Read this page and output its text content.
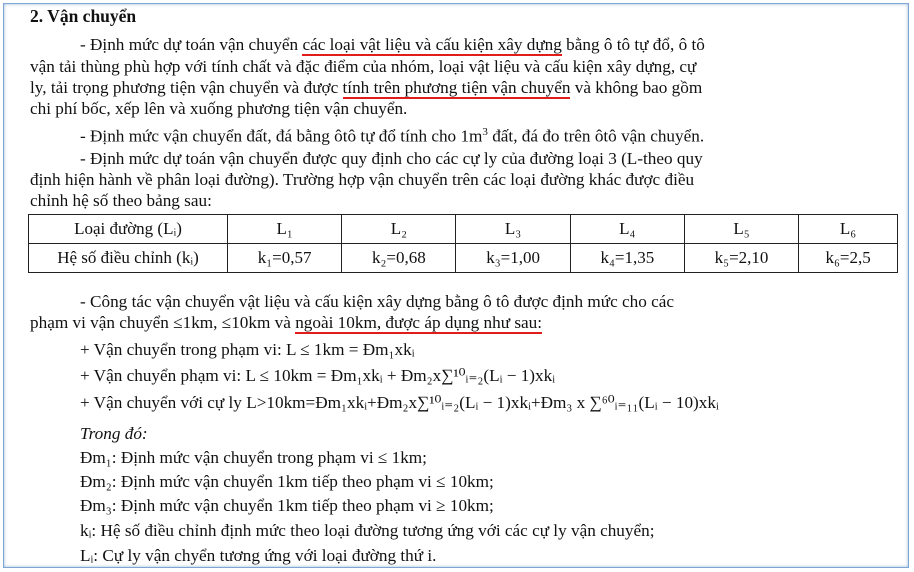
2. Vận chuyển
- Định mức dự toán vận chuyển các loại vật liệu và cấu kiện xây dựng bằng ô tô tự đổ, ô tô
vận tải thùng phù hợp với tính chất và đặc điểm của nhóm, loại vật liệu và cấu kiện xây dựng, cự
ly, tải trọng phương tiện vận chuyển và được tính trên phương tiện vận chuyển và không bao gồm
chi phí bốc, xếp lên và xuống phương tiện vận chuyển.
- Định mức vận chuyển đất, đá bằng ôtô tự đổ tính cho $1m^3$ đất, đá đo trên ôtô vận chuyển.
- Định mức dự toán vận chuyển được quy định cho các cự ly của đường loại 3 (L-theo quy
định hiện hành về phân loại đường). Trường hợp vận chuyển trên các loại đường khác được điều
chỉnh hệ số theo bảng sau:
Loại đường (Lᵢ)	L₁	L₂	L₃	L₄	L₅	L₆
Hệ số điều chỉnh (kᵢ)	k₁=0,57	k₂=0,68	k₃=1,00	k₄=1,35	k₅=2,10	k₆=2,5
- Công tác vận chuyển vật liệu và cấu kiện xây dựng bằng ô tô được định mức cho các
phạm vi vận chuyển ≤1km, ≤10km và ngoài 10km, được áp dụng như sau:
+ Vận chuyển trong phạm vi: L ≤ 1km = Đm₁xkᵢ
+ Vận chuyển phạm vi: L ≤ 10km = Đm₁xkᵢ + Đm₂x∑¹⁰ᵢ₌₂(Lᵢ − 1)xkᵢ
+ Vận chuyển với cự ly L>10km=Đm₁xkᵢ+Đm₂x∑¹⁰ᵢ₌₂(Lᵢ − 1)xkᵢ+Đm₃ x ∑⁶⁰ᵢ₌₁₁(Lᵢ − 10)xkᵢ
Trong đó:
Đm₁: Định mức vận chuyển trong phạm vi ≤ 1km;
Đm₂: Định mức vận chuyển 1km tiếp theo phạm vi ≤ 10km;
Đm₃: Định mức vận chuyển 1km tiếp theo phạm vi ≥ 10km;
kᵢ: Hệ số điều chỉnh định mức theo loại đường tương ứng với các cự ly vận chuyển;
Lᵢ: Cự ly vận chyển tương ứng với loại đường thứ i.
